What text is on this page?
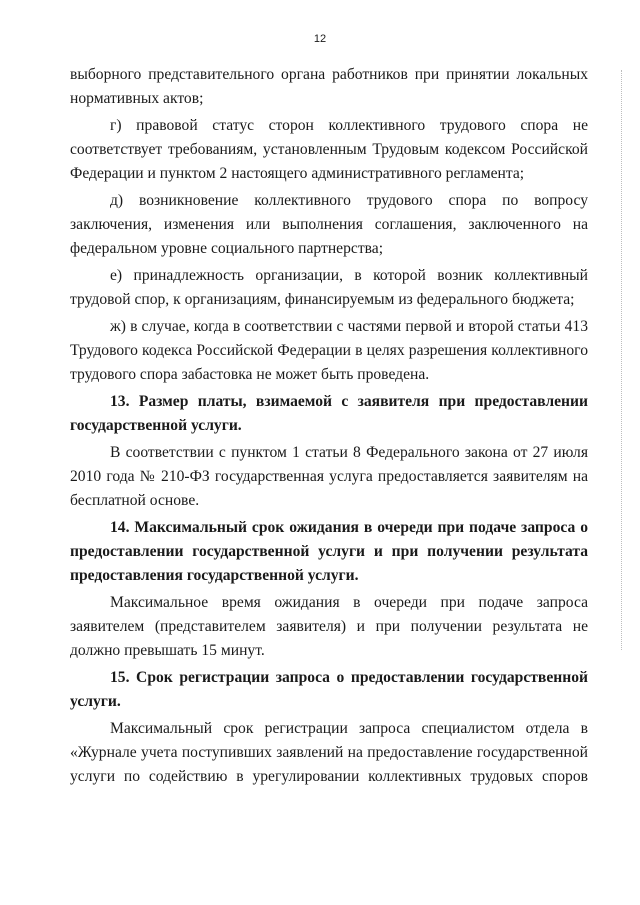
12

выборного представительного органа работников при принятии локальных нормативных актов;

г) правовой статус сторон коллективного трудового спора не соответствует требованиям, установленным Трудовым кодексом Российской Федерации и пунктом 2 настоящего административного регламента;

д) возникновение коллективного трудового спора по вопросу заключения, изменения или выполнения соглашения, заключенного на федеральном уровне социального партнерства;

е) принадлежность организации, в которой возник коллективный трудовой спор, к организациям, финансируемым из федерального бюджета;

ж) в случае, когда в соответствии с частями первой и второй статьи 413 Трудового кодекса Российской Федерации в целях разрешения коллективного трудового спора забастовка не может быть проведена.

13. Размер платы, взимаемой с заявителя при предоставлении государственной услуги.

В соответствии с пунктом 1 статьи 8 Федерального закона от 27 июля 2010 года № 210-ФЗ государственная услуга предоставляется заявителям на бесплатной основе.

14. Максимальный срок ожидания в очереди при подаче запроса о предоставлении государственной услуги и при получении результата предоставления государственной услуги.

Максимальное время ожидания в очереди при подаче запроса заявителем (представителем заявителя) и при получении результата не должно превышать 15 минут.

15. Срок регистрации запроса о предоставлении государственной услуги.

Максимальный срок регистрации запроса специалистом отдела в «Журнале учета поступивших заявлений на предоставление государственной услуги по содействию в урегулировании коллективных трудовых споров
